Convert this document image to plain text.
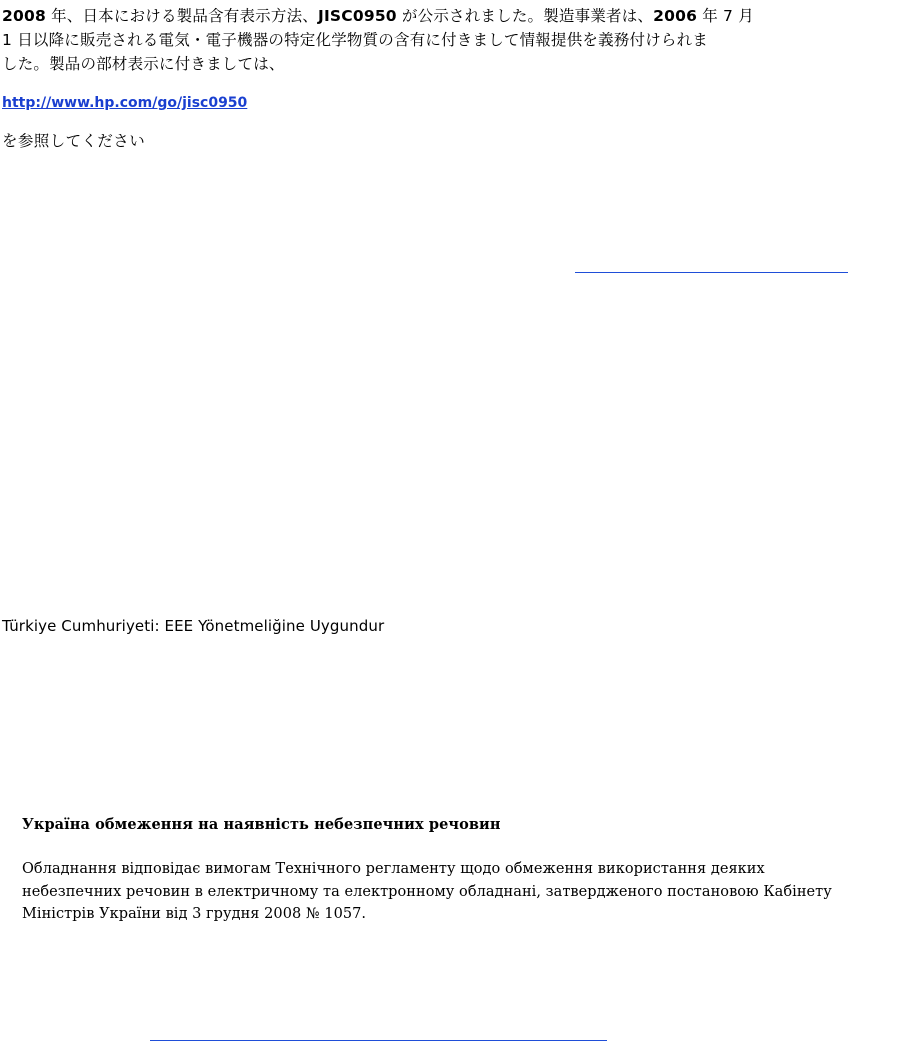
2008 年、日本における製品含有表示方法、JISC0950 が公示されました。製造事業者は、2006 年 7 月

1 日以降に販売される電気・電子機器の特定化学物質の含有に付きまして情報提供を義務付けられま

した。製品の部材表示に付きましては、

http://www.hp.com/go/jisc0950
を参照してください
Türkiye Cumhuriyeti: EEE Yönetmeliğine Uygundur
Україна обмеження на наявність небезпечних речовин
Обладнання відповідає вимогам Технічного регламенту щодо обмеження використання деяких
небезпечних речовин в електричному та електронному обладнані, затвердженого постановою Кабінету
Міністрів України від 3 грудня 2008 № 1057.
